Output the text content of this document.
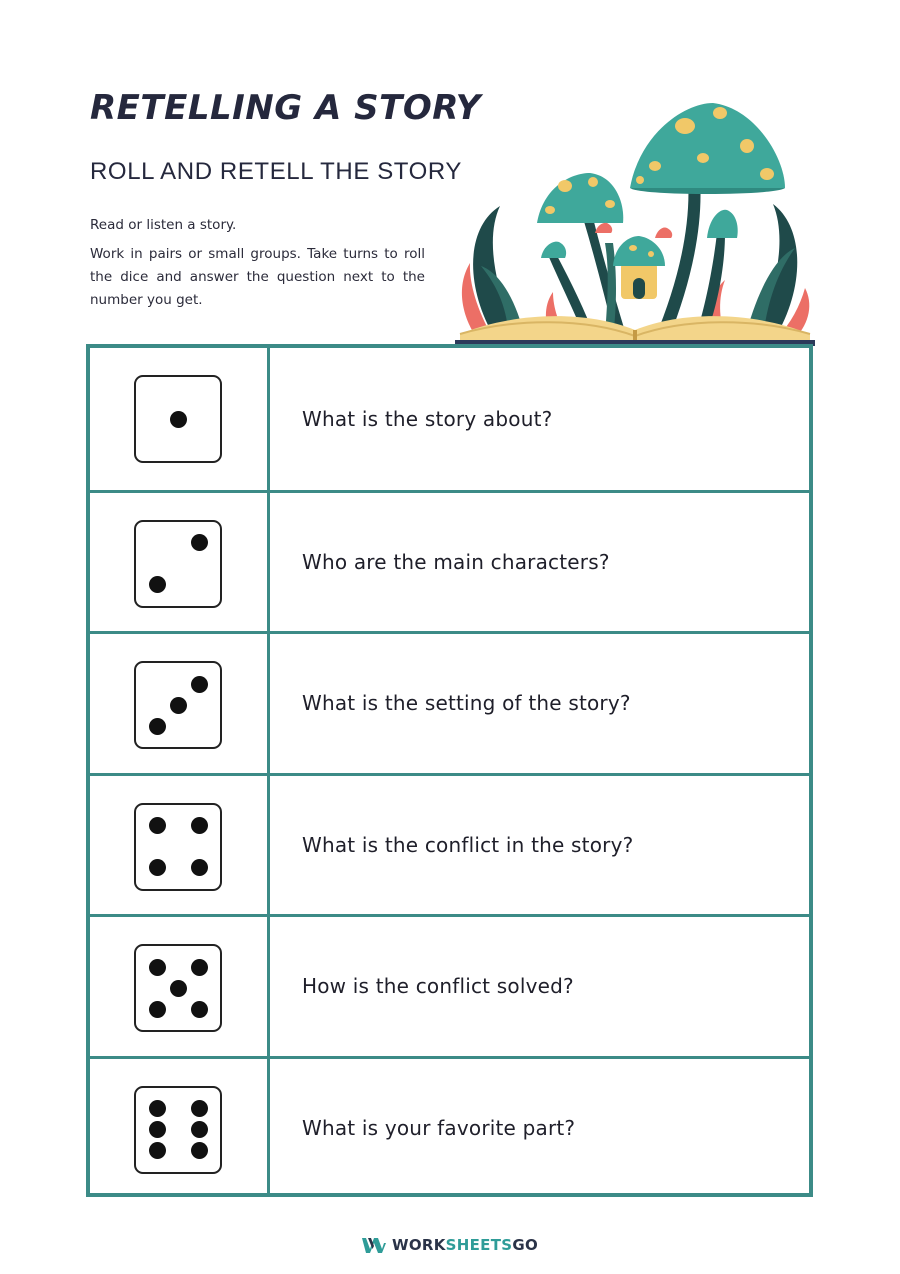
RETELLING A STORY
ROLL AND RETELL THE STORY

Read or listen a story.

Work in pairs or small groups. Take turns to roll the dice and answer the question next to the number you get.

What is the story about?
Who are the main characters?
What is the setting of the story?
What is the conflict in the story?
How is the conflict solved?
What is your favorite part?
WORKSHEETSGO
